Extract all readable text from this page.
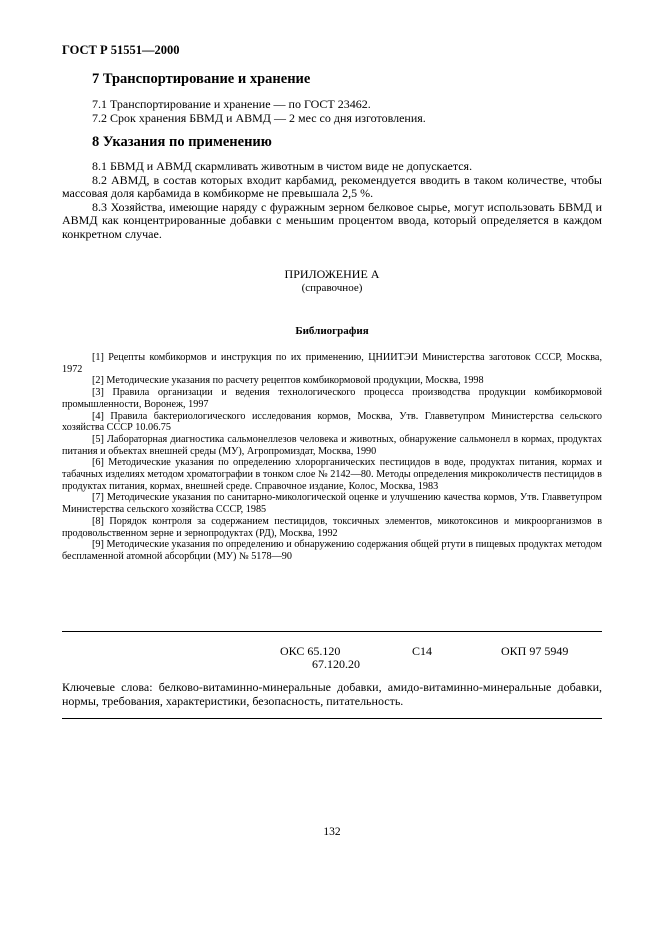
ГОСТ Р 51551—2000
7 Транспортирование и хранение

7.1 Транспортирование и хранение — по ГОСТ 23462.

7.2 Срок хранения БВМД и АВМД — 2 мес со дня изготовления.

8 Указания по применению

8.1 БВМД и АВМД скармливать животным в чистом виде не допускается.

8.2 АВМД, в состав которых входит карбамид, рекомендуется вводить в таком количестве, чтобы массовая доля карбамида в комбикорме не превышала 2,5 %.

8.3 Хозяйства, имеющие наряду с фуражным зерном белковое сырье, могут использовать БВМД и АВМД как концентрированные добавки с меньшим процентом ввода, который определяется в каждом конкретном случае.

ПРИЛОЖЕНИЕ А
(справочное)
Библиография

[1] Рецепты комбикормов и инструкция по их применению, ЦНИИТЭИ Министерства заготовок СССР, Москва, 1972

[2] Методические указания по расчету рецептов комбикормовой продукции, Москва, 1998

[3] Правила организации и ведения технологического процесса производства продукции комбикормовой промышленности, Воронеж, 1997

[4] Правила бактериологического исследования кормов, Москва, Утв. Главветупром Министерства сельского хозяйства СССР 10.06.75

[5] Лабораторная диагностика сальмонеллезов человека и животных, обнаружение сальмонелл в кормах, продуктах питания и объектах внешней среды (МУ), Агропромиздат, Москва, 1990

[6] Методические указания по определению хлорорганических пестицидов в воде, продуктах питания, кормах и табачных изделиях методом хроматографии в тонком слое № 2142—80. Методы определения микроколичеств пестицидов в продуктах питания, кормах, внешней среде. Справочное издание, Колос, Москва, 1983

[7] Методические указания по санитарно-микологической оценке и улучшению качества кормов, Утв. Главветупром Министерства сельского хозяйства СССР, 1985

[8] Порядок контроля за содержанием пестицидов, токсичных элементов, микотоксинов и микроорганизмов в продовольственном зерне и зернопродуктах (РД), Москва, 1992

[9] Методические указания по определению и обнаружению содержания общей ртути в пищевых продуктах методом беспламенной атомной абсорбции (МУ) № 5178—90

ОКС 65.120
67.120.20
С14	ОКП 97 5949
Ключевые слова: белково-витаминно-минеральные добавки, амидо-витаминно-минеральные добавки, нормы, требования, характеристики, безопасность, питательность.
132
